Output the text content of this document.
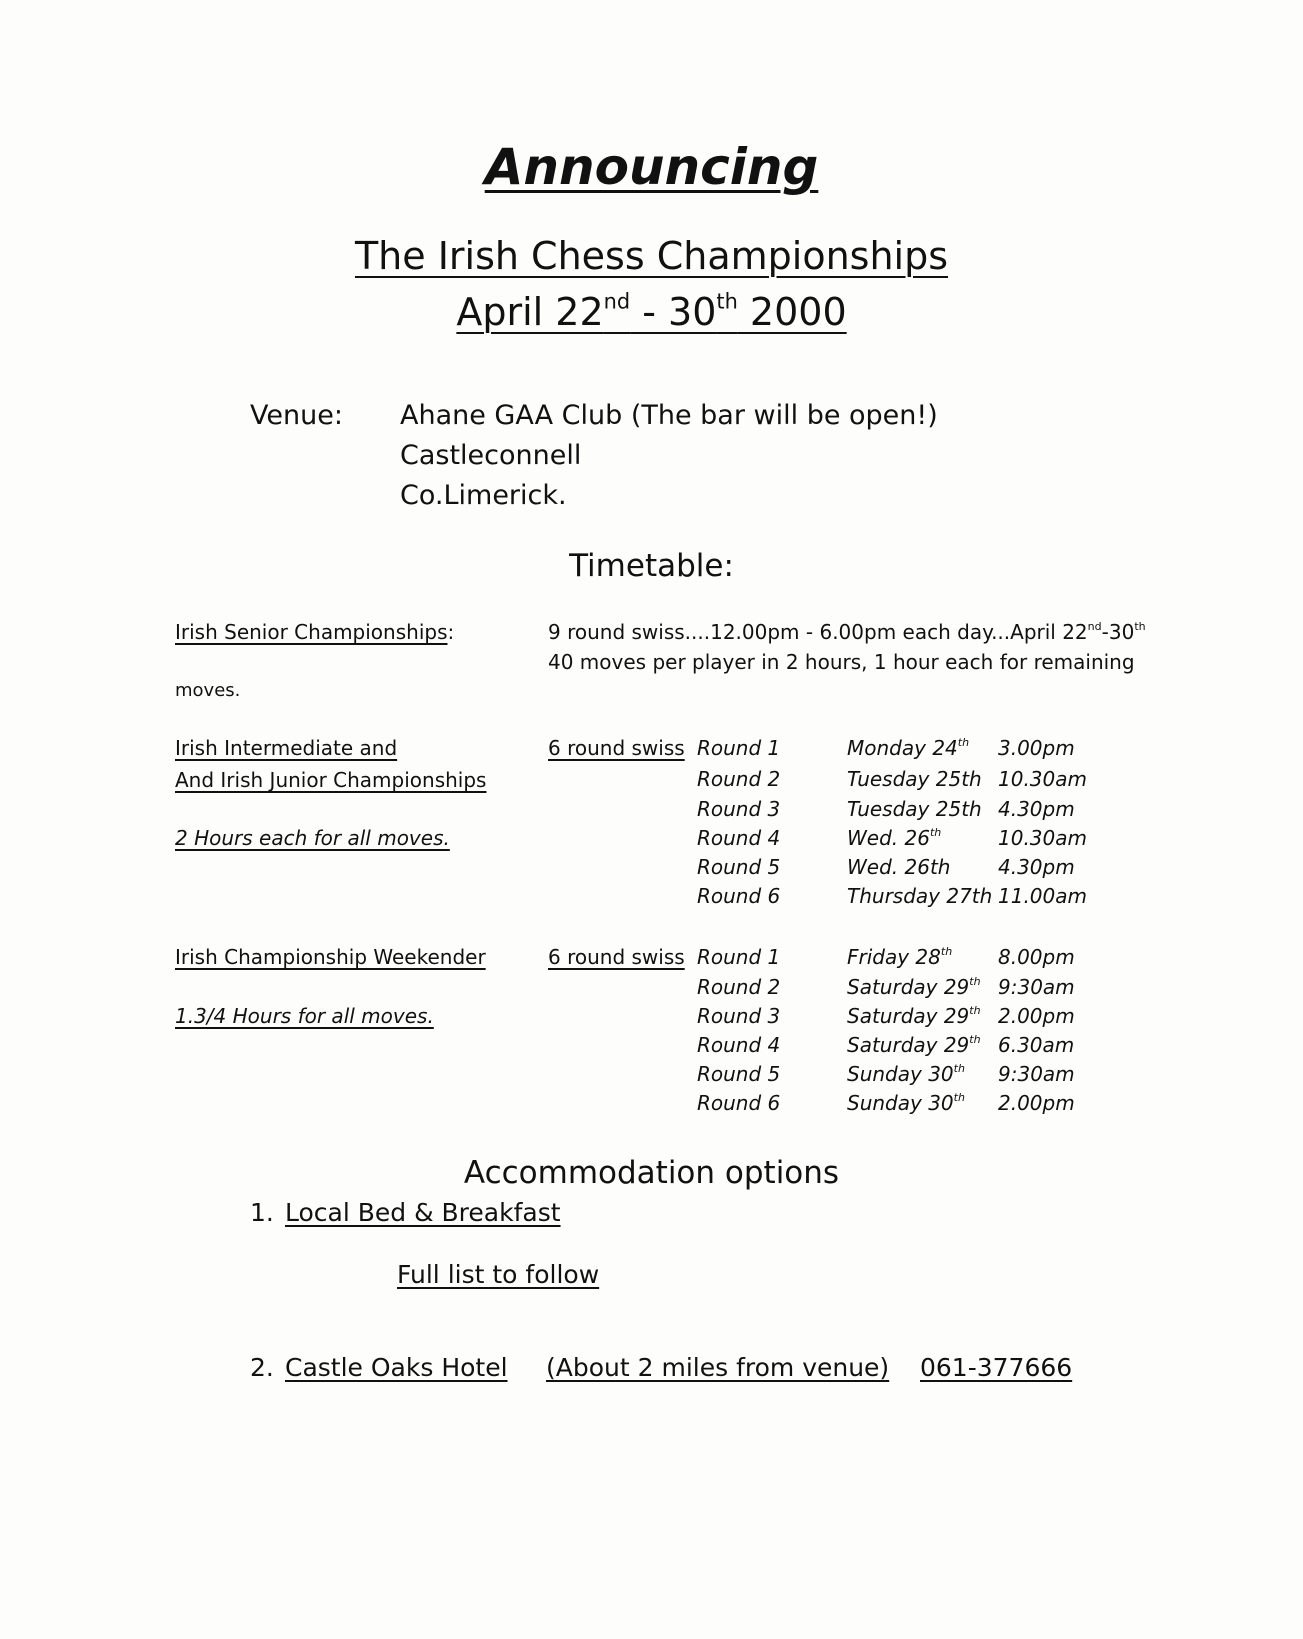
Announcing
The Irish Chess Championships
April 22nd - 30th 2000
Venue: Ahane GAA Club (The bar will be open!)
Castleconnell
Co.Limerick.
Timetable:
Irish Senior Championships:	9 round swiss....12.00pm - 6.00pm each day...April 22nd-30th
40 moves per player in 2 hours, 1 hour each for remaining
moves.
Irish Intermediate and
And Irish Junior Championships
2 Hours each for all moves.
6 round swiss Round 1	Monday 24th 3.00pm
Round 2	Tuesday 25th 10.30am
Round 3	Tuesday 25th 4.30pm
Round 4	Wed. 26th	10.30am
Round 5	Wed. 26th 4.30pm
Round 6	Thursday 27th 11.00am
Irish Championship Weekender
1.3/4 Hours for all moves.
6 round swiss Round 1	Friday 28th 8.00pm
Round 2	Saturday 29th 9:30am
Round 3	Saturday 29th 2.00pm
Round 4	Saturday 29th 6.30am
Round 5	Sunday 30th 9:30am
Round 6	Sunday 30th 2.00pm
Accommodation options
1. Local Bed & Breakfast
Full list to follow
2. Castle Oaks Hotel (About 2 miles from venue) 061-377666
